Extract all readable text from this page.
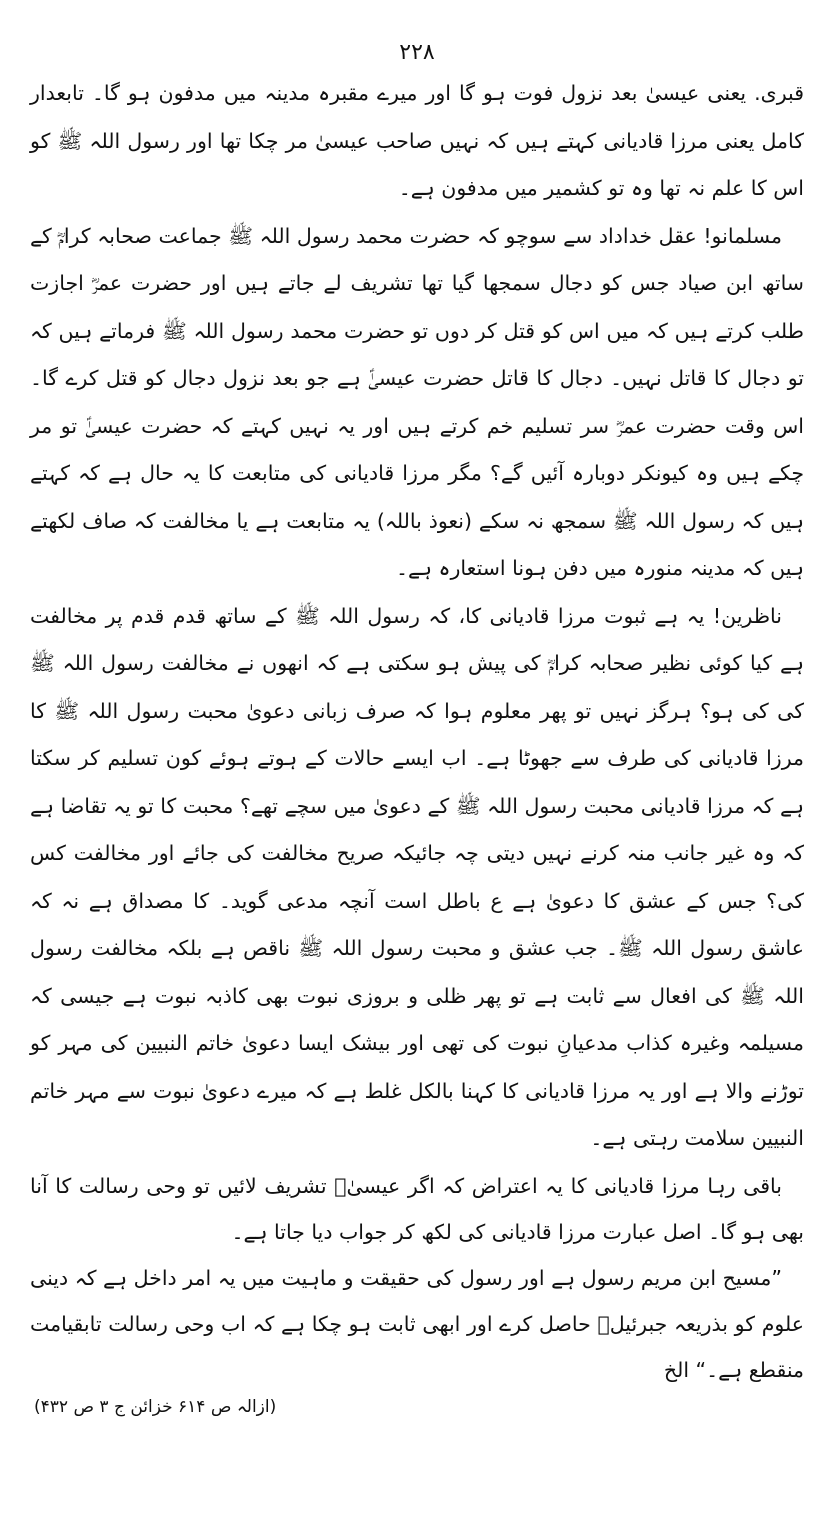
۲۲۸

قبری. یعنی عیسیٰ بعد نزول فوت ہو گا اور میرے مقبرہ مدینہ میں مدفون ہو گا۔ تابعدار کامل یعنی مرزا قادیانی کہتے ہیں کہ نہیں صاحب عیسیٰ مر چکا تھا اور رسول اللہ ﷺ کو اس کا علم نہ تھا وہ تو کشمیر میں مدفون ہے۔

مسلمانو! عقل خداداد سے سوچو کہ حضرت محمد رسول اللہ ﷺ جماعت صحابہ کرامؓ کے ساتھ ابن صیاد جس کو دجال سمجھا گیا تھا تشریف لے جاتے ہیں اور حضرت عمرؓ اجازت طلب کرتے ہیں کہ میں اس کو قتل کر دوں تو حضرت محمد رسول اللہ ﷺ فرماتے ہیں کہ تو دجال کا قاتل نہیں۔ دجال کا قاتل حضرت عیسیٰؑ ہے جو بعد نزول دجال کو قتل کرے گا۔ اس وقت حضرت عمرؓ سر تسلیم خم کرتے ہیں اور یہ نہیں کہتے کہ حضرت عیسیٰؑ تو مر چکے ہیں وہ کیونکر دوبارہ آئیں گے؟ مگر مرزا قادیانی کی متابعت کا یہ حال ہے کہ کہتے ہیں کہ رسول اللہ ﷺ سمجھ نہ سکے (نعوذ باللہ) یہ متابعت ہے یا مخالفت کہ صاف لکھتے ہیں کہ مدینہ منورہ میں دفن ہونا استعارہ ہے۔

ناظرین! یہ ہے ثبوت مرزا قادیانی کا، کہ رسول اللہ ﷺ کے ساتھ قدم قدم پر مخالفت ہے کیا کوئی نظیر صحابہ کرامؓ کی پیش ہو سکتی ہے کہ انھوں نے مخالفت رسول اللہ ﷺ کی کی ہو؟ ہرگز نہیں تو پھر معلوم ہوا کہ صرف زبانی دعویٰ محبت رسول اللہ ﷺ کا مرزا قادیانی کی طرف سے جھوٹا ہے۔ اب ایسے حالات کے ہوتے ہوئے کون تسلیم کر سکتا ہے کہ مرزا قادیانی محبت رسول اللہ ﷺ کے دعویٰ میں سچے تھے؟ محبت کا تو یہ تقاضا ہے کہ وہ غیر جانب منہ کرنے نہیں دیتی چہ جائیکہ صریح مخالفت کی جائے اور مخالفت کس کی؟ جس کے عشق کا دعویٰ ہے ع باطل است آنچہ مدعی گوید۔ کا مصداق ہے نہ کہ عاشق رسول اللہ ﷺ۔ جب عشق و محبت رسول اللہ ﷺ ناقص ہے بلکہ مخالفت رسول اللہ ﷺ کی افعال سے ثابت ہے تو پھر ظلی و بروزی نبوت بھی کاذبہ نبوت ہے جیسی کہ مسیلمہ وغیرہ کذاب مدعیانِ نبوت کی تھی اور بیشک ایسا دعویٰ خاتم النبیین کی مہر کو توڑنے والا ہے اور یہ مرزا قادیانی کا کہنا بالکل غلط ہے کہ میرے دعویٰ نبوت سے مہر خاتم النبیین سلامت رہتی ہے۔

باقی رہا مرزا قادیانی کا یہ اعتراض کہ اگر عیسیٰؑ تشریف لائیں تو وحی رسالت کا آنا بھی ہو گا۔ اصل عبارت مرزا قادیانی کی لکھ کر جواب دیا جاتا ہے۔

”مسیح ابن مریم رسول ہے اور رسول کی حقیقت و ماہیت میں یہ امر داخل ہے کہ دینی علوم کو بذریعہ جبرئیلؑ حاصل کرے اور ابھی ثابت ہو چکا ہے کہ اب وحی رسالت تابقیامت منقطع ہے۔“ الخ

(ازالہ ص ۶۱۴ خزائن ج ۳ ص ۴۳۲)
